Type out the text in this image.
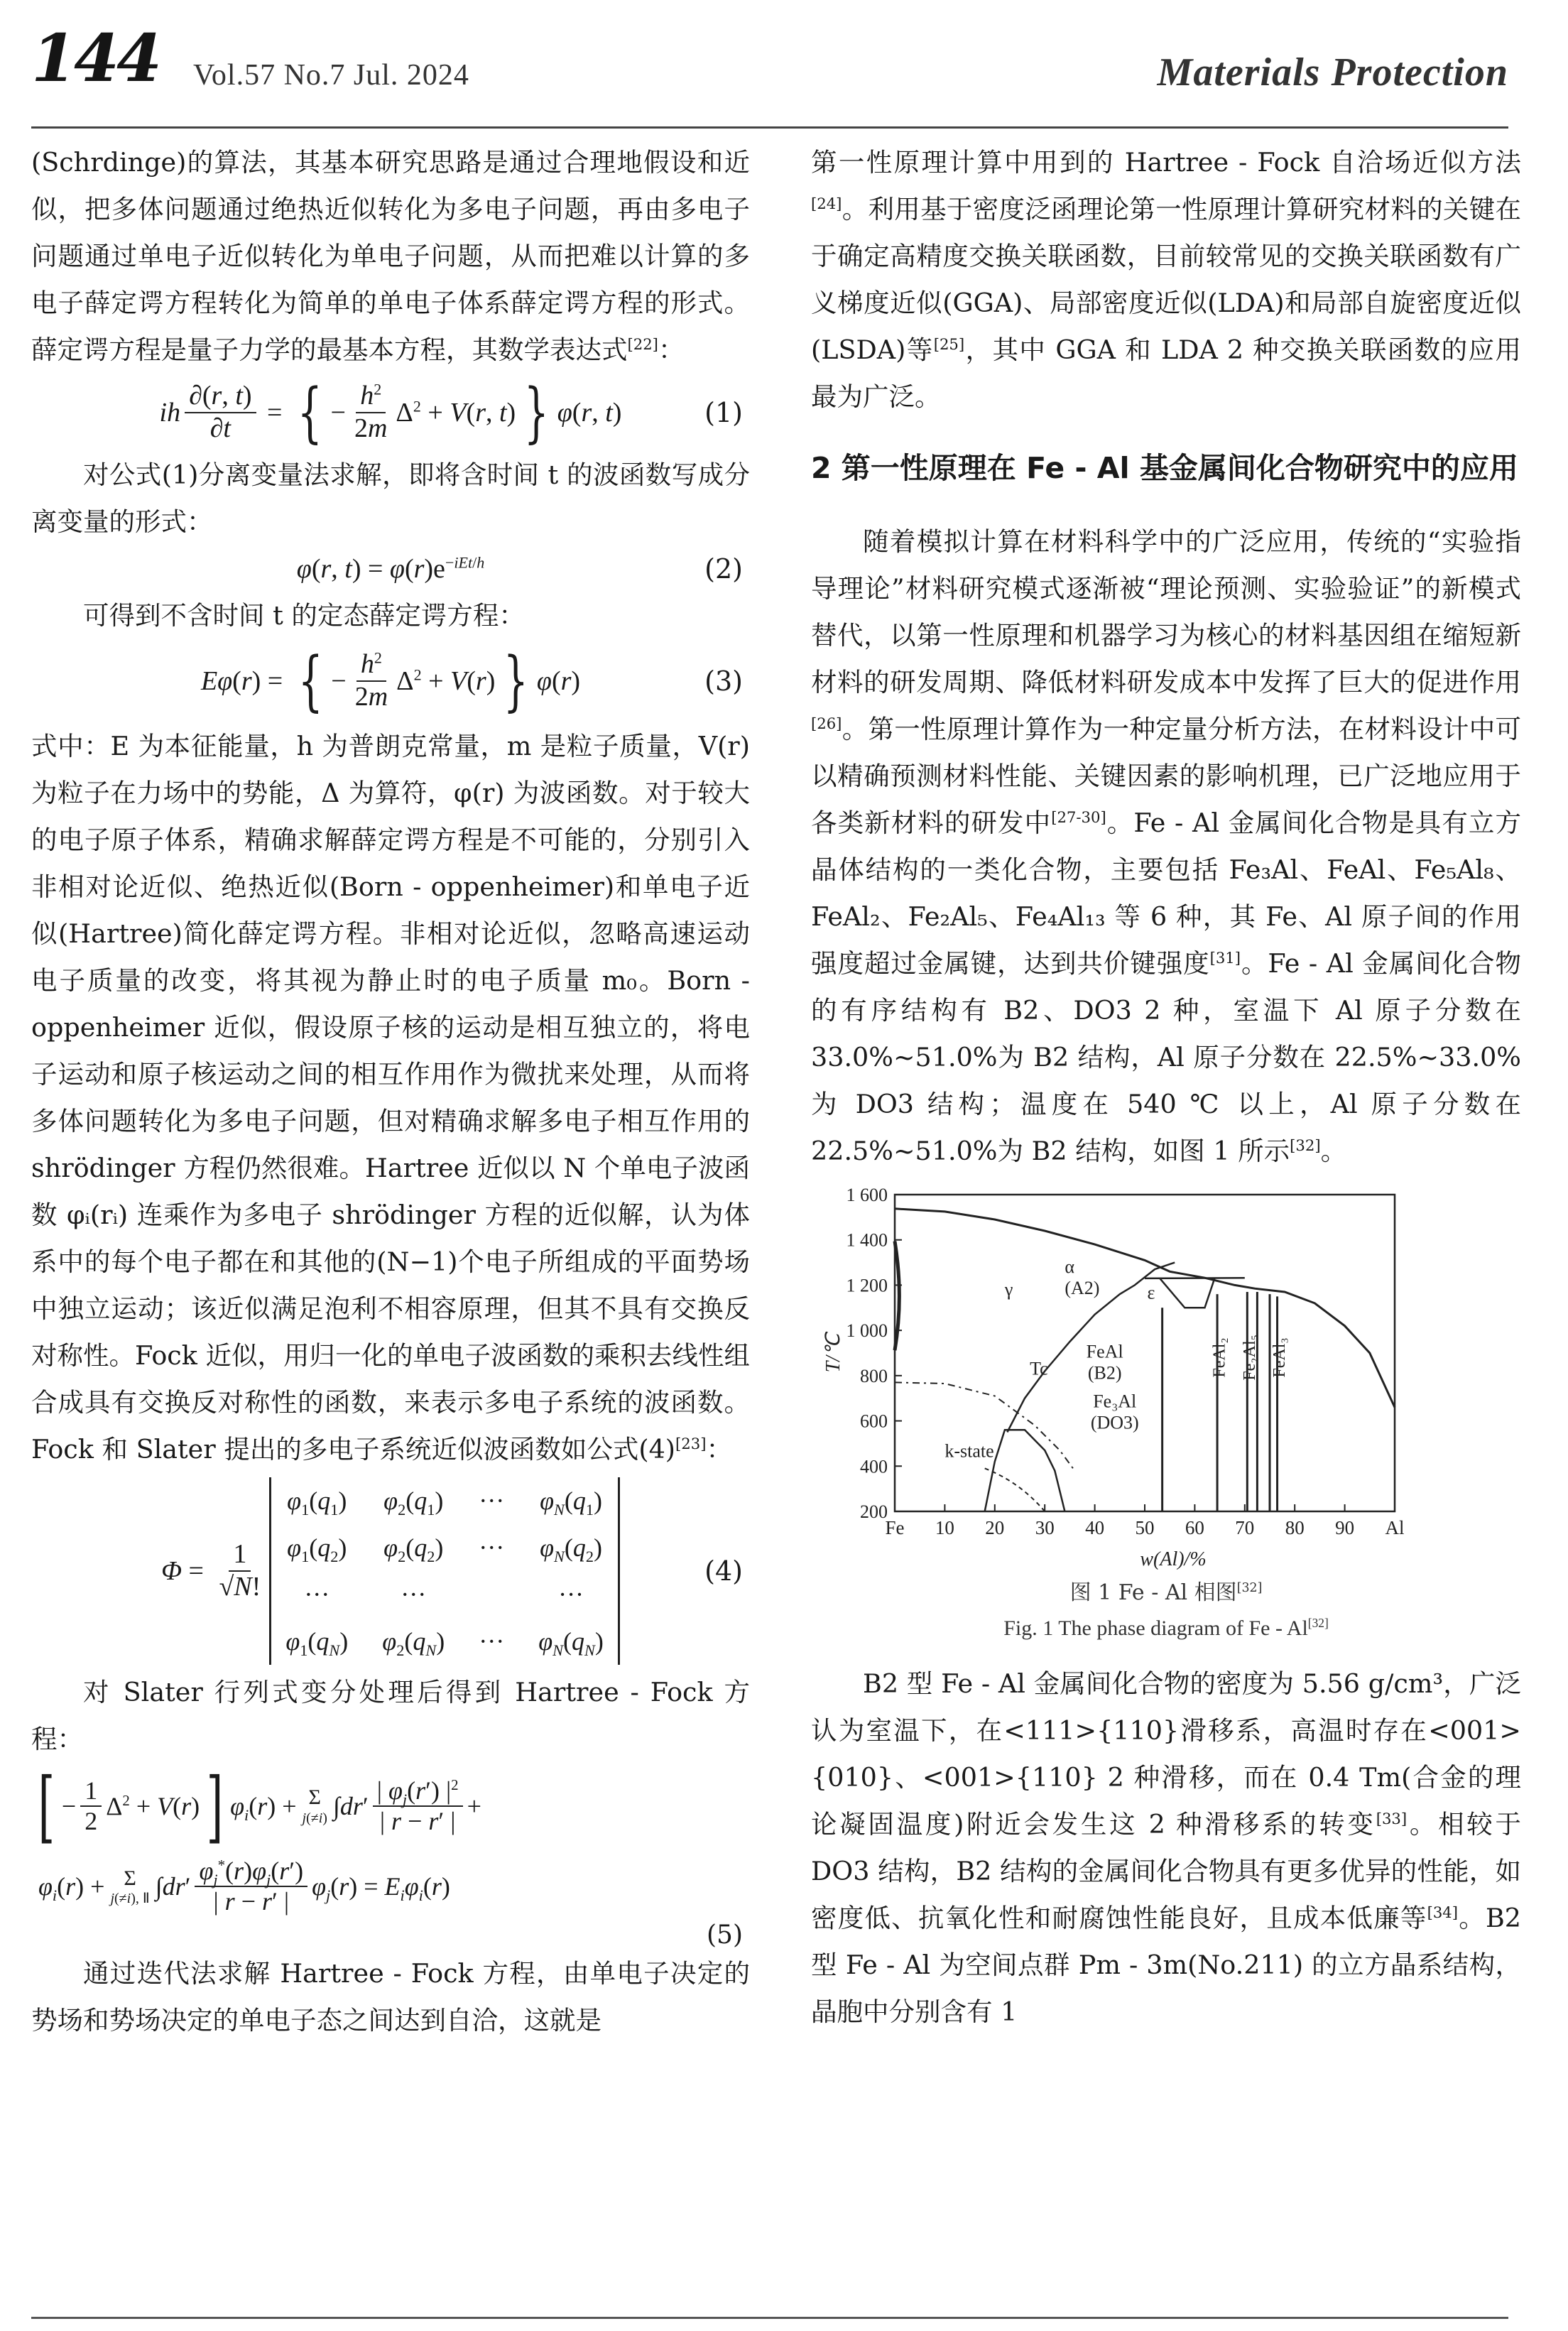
144 Vol.57 No.7 Jul. 2024	Materials Protection

(Schrdinge)的算法，其基本研究思路是通过合理地假设和近似，把多体问题通过绝热近似转化为多电子问题，再由多电子问题通过单电子近似转化为单电子问题，从而把难以计算的多电子薛定谔方程转化为简单的单电子体系薛定谔方程的形式。薛定谔方程是量子力学的最基本方程，其数学表达式[22]：

ih $\frac{\partial(r, t)}{\partial t}$ = { − $\frac{h^2}{2m} \Delta^2 + V(r$, t) } φ(r, t)	(1)

对公式(1)分离变量法求解，即将含时间 t 的波函数写成分离变量的形式：

φ(r, $t) = \varphi(r)e^{-iEt/h}$	(2)

可得到不含时间 t 的定态薛定谔方程：

Eφ(r) = { − $\frac{h^2}{2m} \Delta^2 + V(r)$ } φ(r)	(3)

式中：E 为本征能量，h 为普朗克常量，m 是粒子质量，V(r) 为粒子在力场中的势能，Δ 为算符，φ(r) 为波函数。对于较大的电子原子体系，精确求解薛定谔方程是不可能的，分别引入非相对论近似、绝热近似(Born - oppenheimer)和单电子近似(Hartree)简化薛定谔方程。非相对论近似，忽略高速运动电子质量的改变，将其视为静止时的电子质量 m₀。Born - oppenheimer 近似，假设原子核的运动是相互独立的，将电子运动和原子核运动之间的相互作用作为微扰来处理，从而将多体问题转化为多电子问题，但对精确求解多电子相互作用的 shrödinger 方程仍然很难。Hartree 近似以 N 个单电子波函数 φᵢ(rᵢ) 连乘作为多电子 shrödinger 方程的近似解，认为体系中的每个电子都在和其他的(N−1)个电子所组成的平面势场中独立运动；该近似满足泡利不相容原理，但其不具有交换反对称性。Fock 近似，用归一化的单电子波函数的乘积去线性组合成具有交换反对称性的函数，来表示多电子系统的波函数。Fock 和 Slater 提出的多电子系统近似波函数如公式(4)[23]：

$\Phi = \frac{1}{√N!}$
$\varphi_1(q_1)$ $\varphi_2(q_1)$ ··· $\varphi_N(q_1)$
$\varphi_1(q_2)$ $\varphi_2(q_2)$ ··· $\varphi_N(q_2)$
···	···	···
$\varphi_1(q_N)$ $\varphi_2(q_N)$ ··· $\varphi_N(q_N)$
(4)

对 Slater 行列式变分处理后得到 Hartree - Fock 方程：

[ − $\frac{1}{2} \Delta^2 + V(r)$ ] $\varphi_i(r) + \Sigma$
j(≠i) $\int dr' \frac{| \varphi_j(r') |^2}{| r - r' |}$ +
$\varphi_i(r) + \Sigma$
j(≠i), Ⅱ $\int dr' \frac{\varphi_j^*(r)\varphi_j(r')}{| r - r' |} \varphi_j(r) = E_i\varphi_i(r)$
(5)

通过迭代法求解 Hartree - Fock 方程，由单电子决定的势场和势场决定的单电子态之间达到自洽，这就是

第一性原理计算中用到的 Hartree - Fock 自洽场近似方法[24]。利用基于密度泛函理论第一性原理计算研究材料的关键在于确定高精度交换关联函数，目前较常见的交换关联函数有广义梯度近似(GGA)、局部密度近似(LDA)和局部自旋密度近似(LSDA)等[25]，其中 GGA 和 LDA 2 种交换关联函数的应用最为广泛。

2 第一性原理在 Fe - Al 基金属间化合物研究中的应用

随着模拟计算在材料科学中的广泛应用，传统的“实验指导理论”材料研究模式逐渐被“理论预测、实验验证”的新模式替代，以第一性原理和机器学习为核心的材料基因组在缩短新材料的研发周期、降低材料研发成本中发挥了巨大的促进作用[26]。第一性原理计算作为一种定量分析方法，在材料设计中可以精确预测材料性能、关键因素的影响机理，已广泛地应用于各类新材料的研发中[27-30]。Fe - Al 金属间化合物是具有立方晶体结构的一类化合物，主要包括 Fe₃Al、FeAl、Fe₅Al₈、FeAl₂、Fe₂Al₅、Fe₄Al₁₃ 等 6 种，其 Fe、Al 原子间的作用强度超过金属键，达到共价键强度[31]。Fe - Al 金属间化合物的有序结构有 B2、DO3 2 种，室温下 Al 原子分数在 33.0%~51.0%为 B2 结构，Al 原子分数在 22.5%~33.0%为 DO3 结构；温度在 540 ℃ 以上，Al 原子分数在22.5%~51.0%为 B2 结构，如图 1 所示[32]。

200
400
600
800
1 000
1 200
1 400
1 600
Fe 10 20 30 40 50 60 70 80 90 Al
w(Al)/%
T/℃
α
(A2)
γ
Tc
FeAl
(B2)
Fe₃Al
(DO3)
k-state
ε
FeAl₂ Fe₂Al₅ FeAl₃
图 1 Fe - Al 相图[32]
Fig. 1 The phase diagram of Fe - Al[32]

B2 型 Fe - Al 金属间化合物的密度为 5.56 g/cm³，广泛认为室温下，在<111>{110}滑移系，高温时存在<001>{010}、<001>{110} 2 种滑移，而在 0.4 Tm(合金的理论凝固温度)附近会发生这 2 种滑移系的转变[33]。相较于 DO3 结构，B2 结构的金属间化合物具有更多优异的性能，如密度低、抗氧化性和耐腐蚀性能良好，且成本低廉等[34]。B2 型 Fe - Al 为空间点群 Pm - 3m(No.211) 的立方晶系结构，晶胞中分别含有 1
